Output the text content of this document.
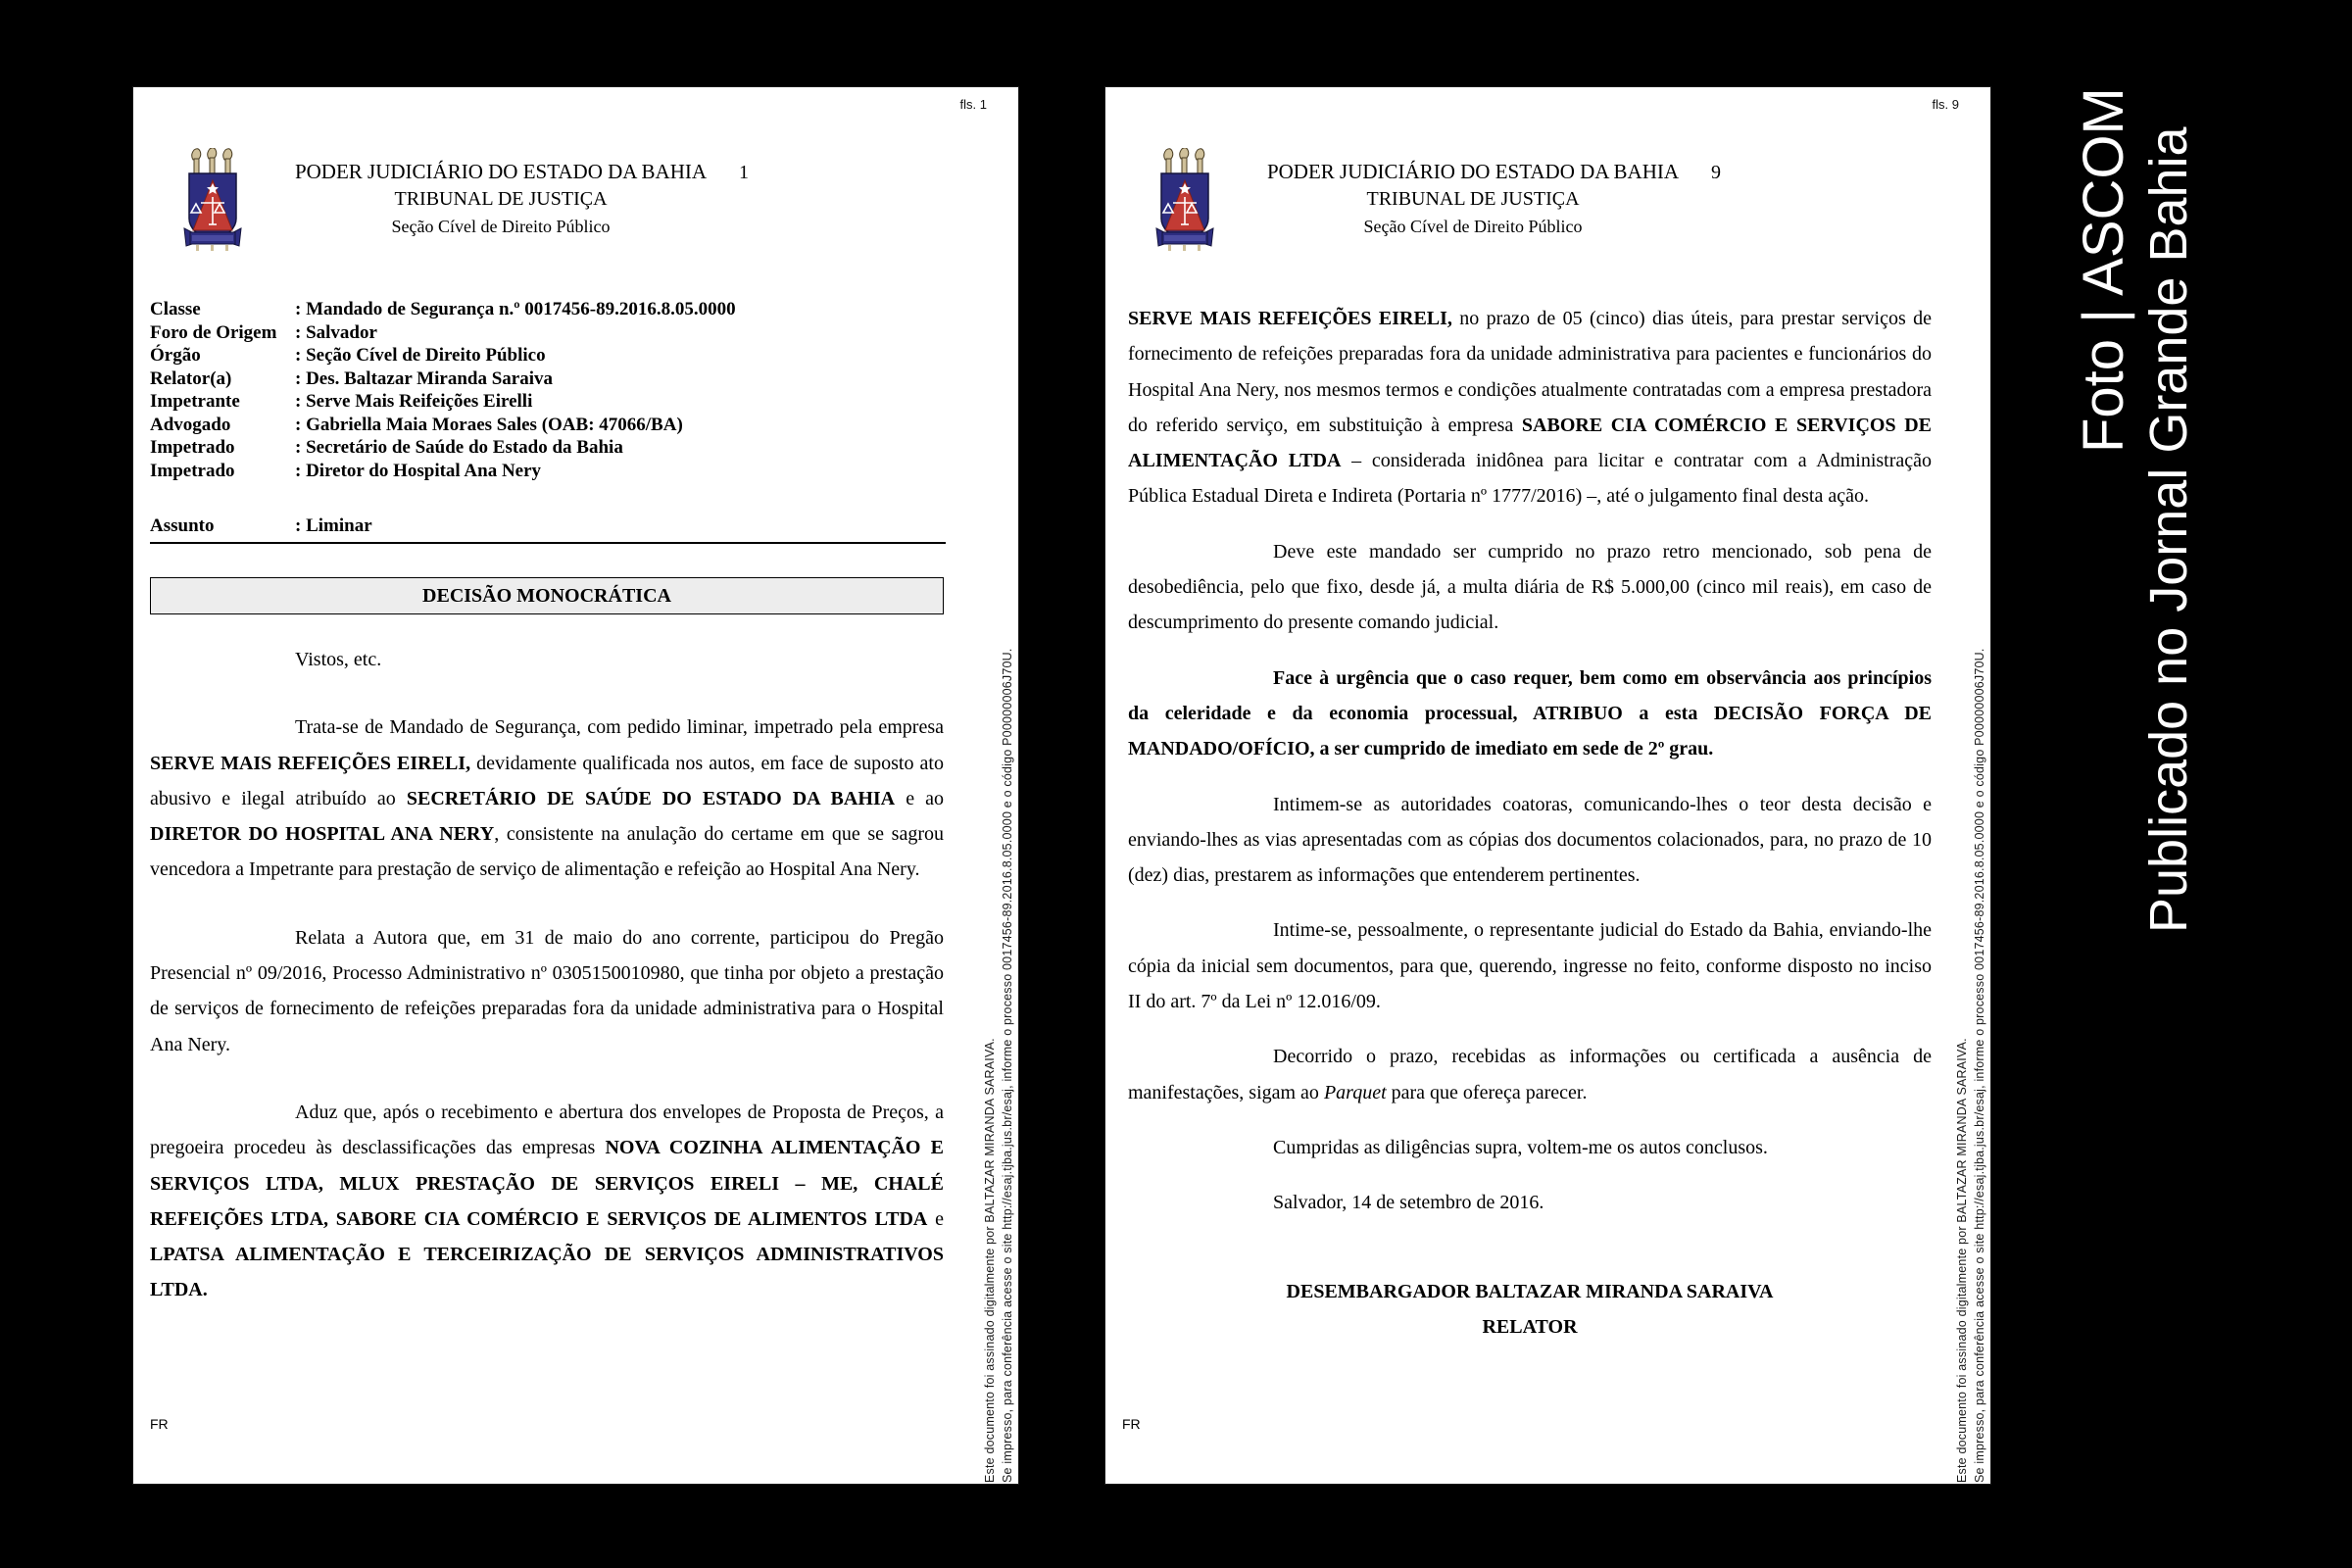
fls. 1
PODER JUDICIÁRIO DO ESTADO DA BAHIA
TRIBUNAL DE JUSTIÇA
Seção Cível de Direito Público
1
Classe	: Mandado de Segurança n.º 0017456-89.2016.8.05.0000
Foro de Origem : Salvador
Órgão	: Seção Cível de Direito Público
Relator(a)	: Des. Baltazar Miranda Saraiva
Impetrante	: Serve Mais Reifeições Eirelli
Advogado	: Gabriella Maia Moraes Sales (OAB: 47066/BA)
Impetrado	: Secretário de Saúde do Estado da Bahia
Impetrado	: Diretor do Hospital Ana Nery
Assunto	: Liminar
DECISÃO MONOCRÁTICA

Vistos, etc.

Trata-se de Mandado de Segurança, com pedido liminar, impetrado pela empresa SERVE MAIS REFEIÇÕES EIRELI, devidamente qualificada nos autos, em face de suposto ato abusivo e ilegal atribuído ao SECRETÁRIO DE SAÚDE DO ESTADO DA BAHIA e ao DIRETOR DO HOSPITAL ANA NERY, consistente na anulação do certame em que se sagrou vencedora a Impetrante para prestação de serviço de alimentação e refeição ao Hospital Ana Nery.

Relata a Autora que, em 31 de maio do ano corrente, participou do Pregão Presencial nº 09/2016, Processo Administrativo nº 0305150010980, que tinha por objeto a prestação de serviços de fornecimento de refeições preparadas fora da unidade administrativa para o Hospital Ana Nery.

Aduz que, após o recebimento e abertura dos envelopes de Proposta de Preços, a pregoeira procedeu às desclassificações das empresas NOVA COZINHA ALIMENTAÇÃO E SERVIÇOS LTDA, MLUX PRESTAÇÃO DE SERVIÇOS EIRELI – ME, CHALÉ REFEIÇÕES LTDA, SABORE CIA COMÉRCIO E SERVIÇOS DE ALIMENTOS LTDA e LPATSA ALIMENTAÇÃO E TERCEIRIZAÇÃO DE SERVIÇOS ADMINISTRATIVOS LTDA.

FR	Este documento foi assinado digitalmente por BALTAZAR MIRANDA SARAIVA. Se impresso, para conferência acesse o site http://esaj.tjba.jus.br/esaj, informe o processo 0017456-89.2016.8.05.0000 e o código P00000006J70U.
fls. 9
PODER JUDICIÁRIO DO ESTADO DA BAHIA
TRIBUNAL DE JUSTIÇA
Seção Cível de Direito Público
9

SERVE MAIS REFEIÇÕES EIRELI, no prazo de 05 (cinco) dias úteis, para prestar serviços de fornecimento de refeições preparadas fora da unidade administrativa para pacientes e funcionários do Hospital Ana Nery, nos mesmos termos e condições atualmente contratadas com a empresa prestadora do referido serviço, em substituição à empresa SABORE CIA COMÉRCIO E SERVIÇOS DE ALIMENTAÇÃO LTDA – considerada inidônea para licitar e contratar com a Administração Pública Estadual Direta e Indireta (Portaria nº 1777/2016) –, até o julgamento final desta ação.

Deve este mandado ser cumprido no prazo retro mencionado, sob pena de desobediência, pelo que fixo, desde já, a multa diária de R$ 5.000,00 (cinco mil reais), em caso de descumprimento do presente comando judicial.

Face à urgência que o caso requer, bem como em observância aos princípios da celeridade e da economia processual, ATRIBUO a esta DECISÃO FORÇA DE MANDADO/OFÍCIO, a ser cumprido de imediato em sede de 2º grau.

Intimem-se as autoridades coatoras, comunicando-lhes o teor desta decisão e enviando-lhes as vias apresentadas com as cópias dos documentos colacionados, para, no prazo de 10 (dez) dias, prestarem as informações que entenderem pertinentes.

Intime-se, pessoalmente, o representante judicial do Estado da Bahia, enviando-lhe cópia da inicial sem documentos, para que, querendo, ingresse no feito, conforme disposto no inciso II do art. 7º da Lei nº 12.016/09.

Decorrido o prazo, recebidas as informações ou certificada a ausência de manifestações, sigam ao Parquet para que ofereça parecer.

Cumpridas as diligências supra, voltem-me os autos conclusos.

Salvador, 14 de setembro de 2016.

DESEMBARGADOR BALTAZAR MIRANDA SARAIVA
RELATOR
FR	Este documento foi assinado digitalmente por BALTAZAR MIRANDA SARAIVA. Se impresso, para conferência acesse o site http://esaj.tjba.jus.br/esaj, informe o processo 0017456-89.2016.8.05.0000 e o código P00000006J70U.
Foto | ASCOM Publicado no Jornal Grande Bahia
